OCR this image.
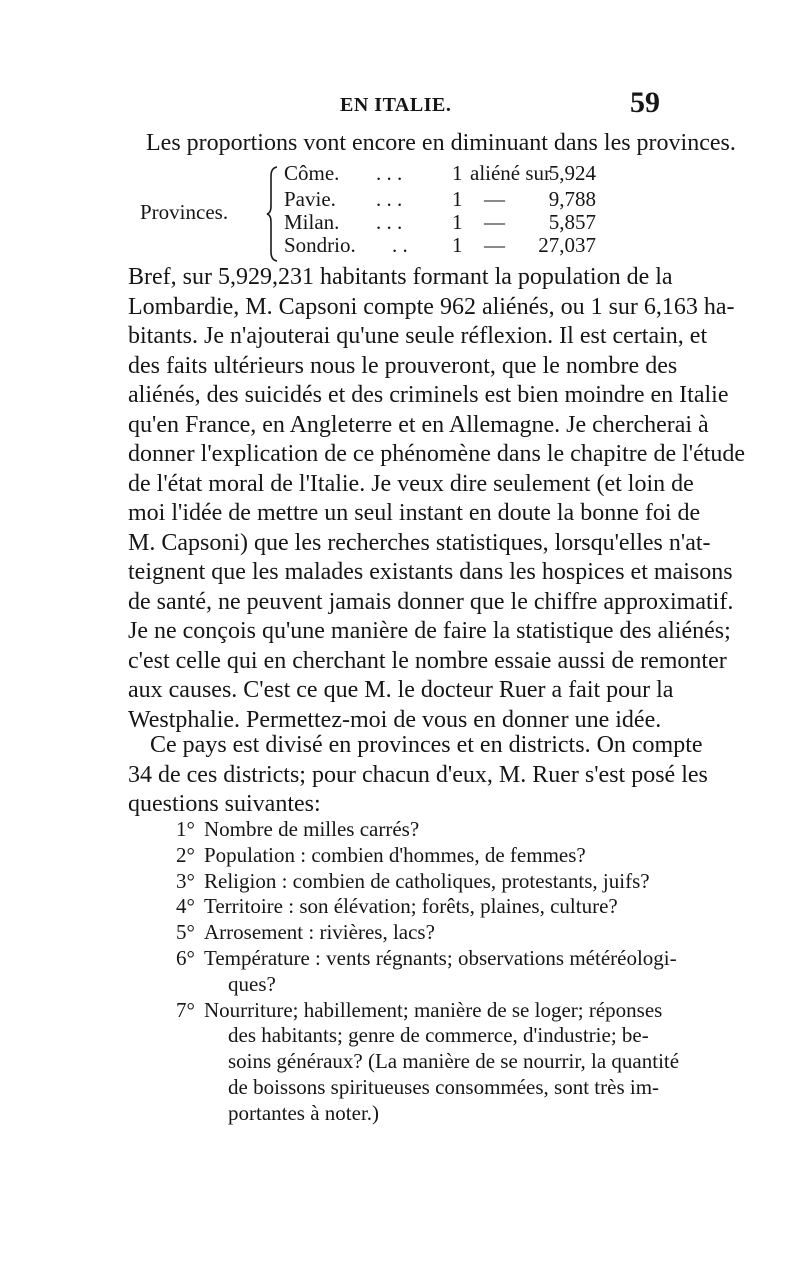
EN ITALIE.	59
Les proportions vont encore en diminuant dans les provinces.
Provinces.
Côme. . . . 1 aliéné sur
5,924
Pavie. . . . 1 — 9,788
Milan. . . . 1 — 5,857
Sondrio. . . 1 — 27,037
Bref, sur 5,929,231 habitants formant la population de la
Lombardie, M. Capsoni compte 962 aliénés, ou 1 sur 6,163 ha-
bitants. Je n'ajouterai qu'une seule réflexion. Il est certain, et
des faits ultérieurs nous le prouveront, que le nombre des
aliénés, des suicidés et des criminels est bien moindre en Italie
qu'en France, en Angleterre et en Allemagne. Je chercherai à
donner l'explication de ce phénomène dans le chapitre de l'étude
de l'état moral de l'Italie. Je veux dire seulement (et loin de
moi l'idée de mettre un seul instant en doute la bonne foi de
M. Capsoni) que les recherches statistiques, lorsqu'elles n'at-
teignent que les malades existants dans les hospices et maisons
de santé, ne peuvent jamais donner que le chiffre approximatif.
Je ne conçois qu'une manière de faire la statistique des aliénés;
c'est celle qui en cherchant le nombre essaie aussi de remonter
aux causes. C'est ce que M. le docteur Ruer a fait pour la
Westphalie. Permettez-moi de vous en donner une idée.
Ce pays est divisé en provinces et en districts. On compte
34 de ces districts; pour chacun d'eux, M. Ruer s'est posé les
questions suivantes:
1° Nombre de milles carrés?
2° Population : combien d'hommes, de femmes?
3° Religion : combien de catholiques, protestants, juifs?
4° Territoire : son élévation; forêts, plaines, culture?
5° Arrosement : rivières, lacs?
6° Température : vents régnants; observations météréologi-
ques?
7° Nourriture; habillement; manière de se loger; réponses
des habitants; genre de commerce, d'industrie; be-
soins généraux? (La manière de se nourrir, la quantité
de boissons spiritueuses consommées, sont très im-
portantes à noter.)
